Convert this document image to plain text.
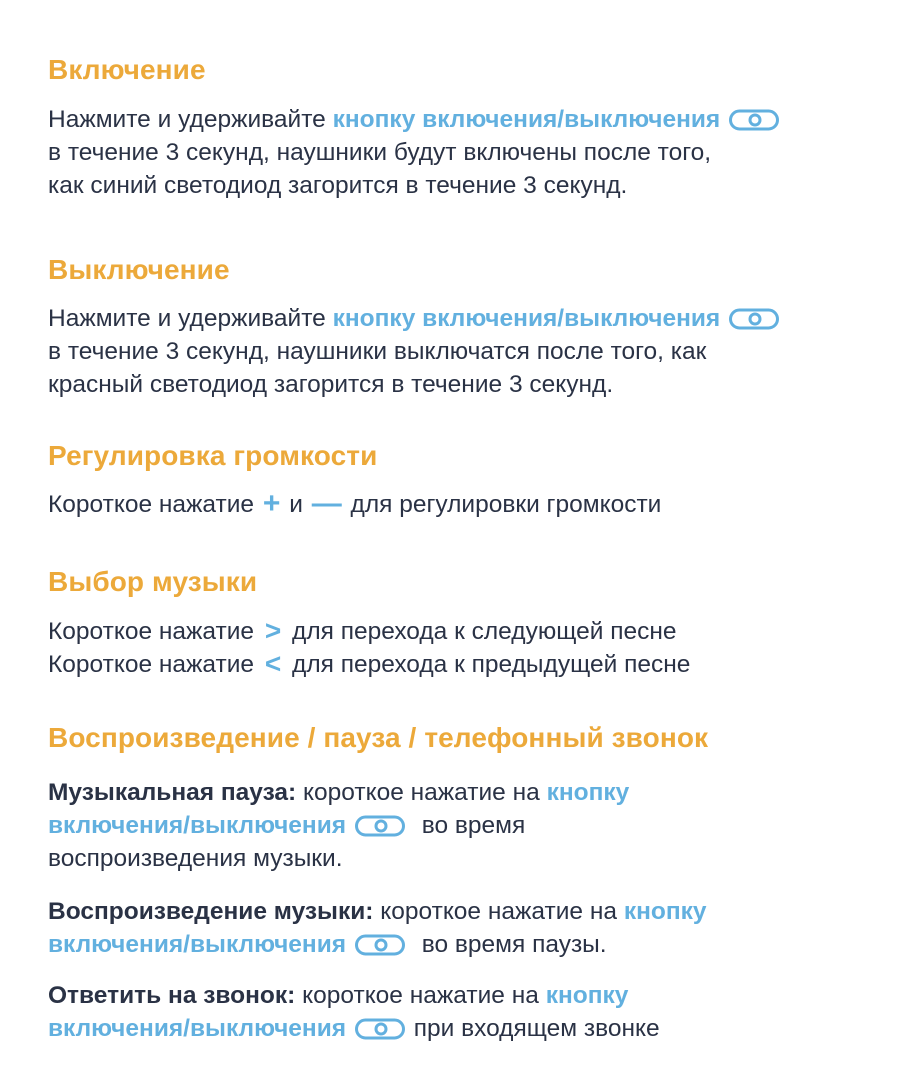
Включение
Нажмите и удерживайте кнопку включения/выключения
в течение 3 секунд, наушники будут включены после того,
как синий светодиод загорится в течение 3 секунд.
Выключение
Нажмите и удерживайте кнопку включения/выключения
в течение 3 секунд, наушники выключатся после того, как
красный светодиод загорится в течение 3 секунд.
Регулировка громкости
Короткое нажатие + и — для регулировки громкости
Выбор музыки
Короткое нажатие > для перехода к следующей песне
Короткое нажатие < для перехода к предыдущей песне
Воспроизведение / пауза / телефонный звонок
Музыкальная пауза: короткое нажатие на кнопку
включения/выключения	во время
воспроизведения музыки.
Воспроизведение музыки: короткое нажатие на кнопку
включения/выключения	во время паузы.
Ответить на звонок: короткое нажатие на кнопку
включения/выключения	при входящем звонке
